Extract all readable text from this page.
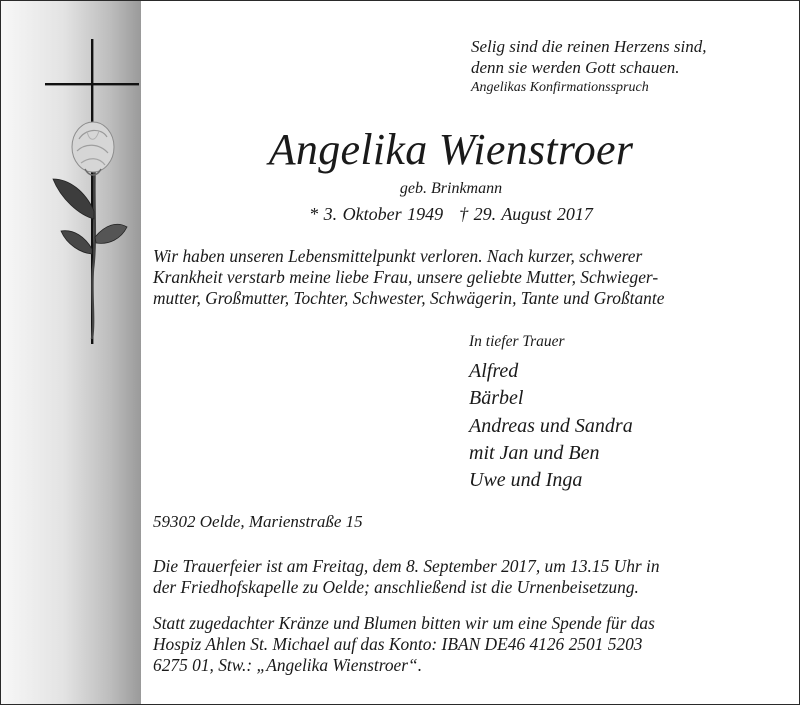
Selig sind die reinen Herzens sind,
denn sie werden Gott schauen.
Angelikas Konfirmationsspruch
Angelika Wienstroer
geb. Brinkmann
* 3. Oktober 1949 † 29. August 2017
Wir haben unseren Lebensmittelpunkt verloren. Nach kurzer, schwerer
Krankheit verstarb meine liebe Frau, unsere geliebte Mutter, Schwieger-
mutter, Großmutter, Tochter, Schwester, Schwägerin, Tante und Großtante
In tiefer Trauer
Alfred
Bärbel
Andreas und Sandra
mit Jan und Ben
Uwe und Inga
59302 Oelde, Marienstraße 15
Die Trauerfeier ist am Freitag, dem 8. September 2017, um 13.15 Uhr in
der Friedhofskapelle zu Oelde; anschließend ist die Urnenbeisetzung.
Statt zugedachter Kränze und Blumen bitten wir um eine Spende für das
Hospiz Ahlen St. Michael auf das Konto: IBAN DE46 4126 2501 5203
6275 01, Stw.: „Angelika Wienstroer“.
